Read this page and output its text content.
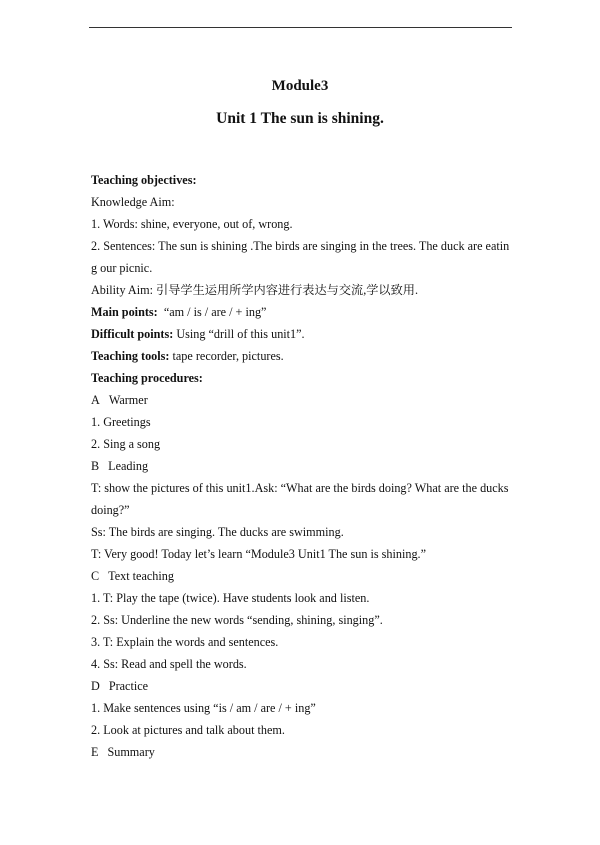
Module3
Unit 1 The sun is shining.
Teaching objectives:
Knowledge Aim:
1. Words: shine, everyone, out of, wrong.
2. Sentences: The sun is shining .The birds are singing in the trees. The duck are eating our picnic.
Ability Aim: 引导学生运用所学内容进行表达与交流,学以致用.
Main points: “am / is / are / + ing”
Difficult points: Using “drill of this unit1”.
Teaching tools: tape recorder, pictures.
Teaching procedures:
A Warmer
1. Greetings
2. Sing a song
B Leading
T: show the pictures of this unit1.Ask: “What are the birds doing? What are the ducks doing?”
Ss: The birds are singing. The ducks are swimming.
T: Very good! Today let’s learn “Module3 Unit1 The sun is shining.”
C Text teaching
1. T: Play the tape (twice). Have students look and listen.
2. Ss: Underline the new words “sending, shining, singing”.
3. T: Explain the words and sentences.
4. Ss: Read and spell the words.
D Practice
1. Make sentences using “is / am / are / + ing”
2. Look at pictures and talk about them.
E Summary
